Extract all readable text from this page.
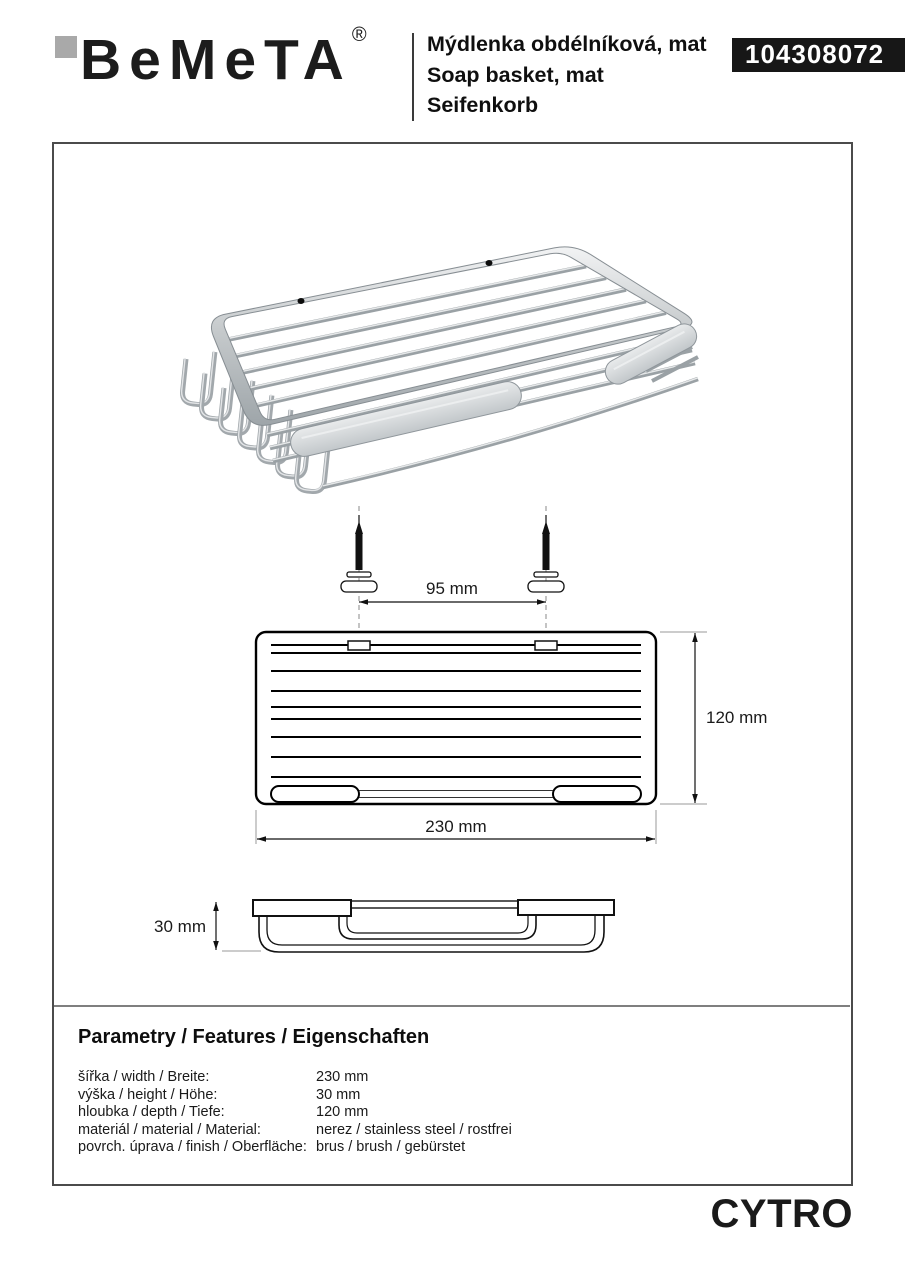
BeMeTA®	Mýdlenka obdélníková, mat
Soap basket, mat
Seifenkorb
104308072
95 mm
120 mm
230 mm
30 mm
Parametry / Features / Eigenschaften
šířka / width / Breite:	230 mm
výška / height / Höhe:	30 mm
hloubka / depth / Tiefe:	120 mm
materiál / material / Material:	nerez / stainless steel / rostfrei
povrch. úprava / finish / Oberfläche: brus / brush / gebürstet
CYTRO
